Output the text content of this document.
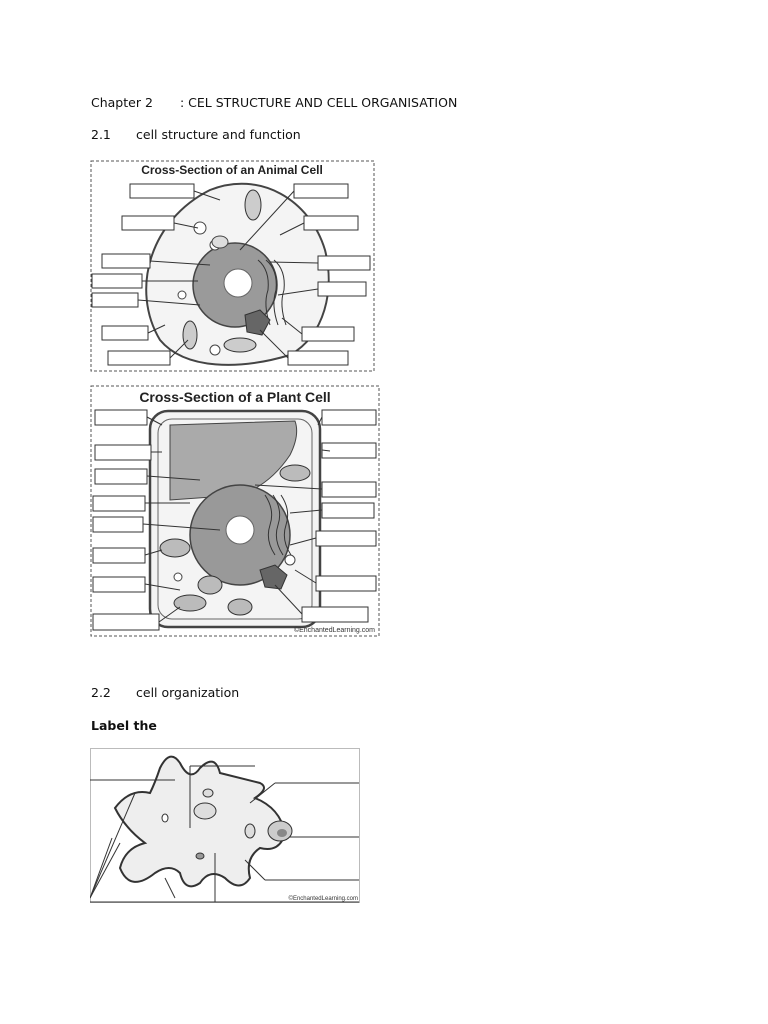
Chapter 2 : CEL STRUCTURE AND CELL ORGANISATION
2.1 cell structure and function
Cross-Section of an Animal Cell
Cross-Section of a Plant Cell
©EnchantedLearning.com
2.2 cell organization
Label the
©EnchantedLearning.com
